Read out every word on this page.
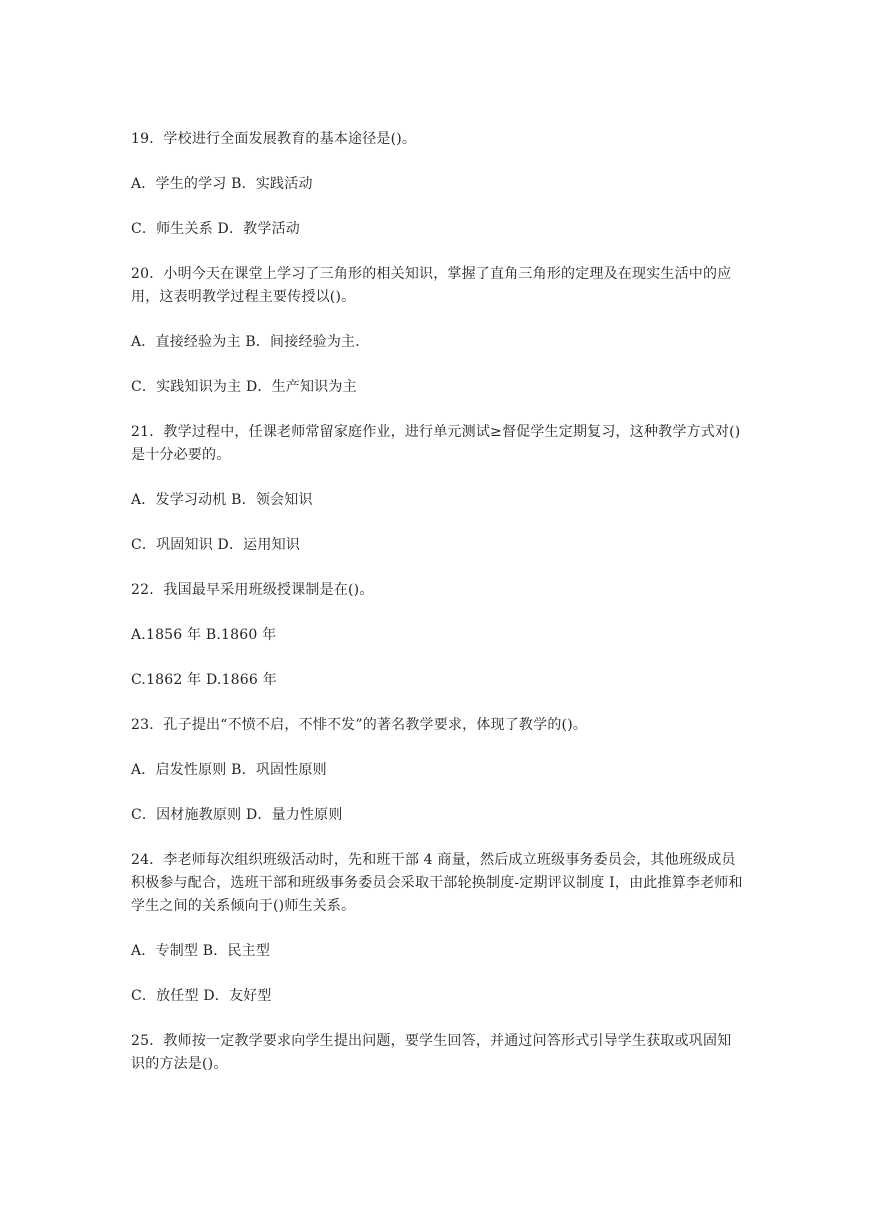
19．学校进行全面发展教育的基本途径是()。

A．学生的学习 B．实践活动

C．师生关系 D．教学活动

20．小明今天在课堂上学习了三角形的相关知识，掌握了直角三角形的定理及在现实生活中的应用，这表明教学过程主要传授以()。

A．直接经验为主 B．间接经验为主．

C．实践知识为主 D．生产知识为主

21．教学过程中，任课老师常留家庭作业，进行单元测试≥督促学生定期复习，这种教学方式对()是十分必要的。

A．发学习动机 B．领会知识

C．巩固知识 D．运用知识

22．我国最早采用班级授课制是在()。

A.1856 年 B.1860 年

C.1862 年 D.1866 年

23．孔子提出“不愤不启，不悱不发”的著名教学要求，体现了教学的()。

A．启发性原则 B．巩固性原则

C．因材施教原则 D．量力性原则

24．李老师每次组织班级活动时，先和班干部 4 商量，然后成立班级事务委员会，其他班级成员积极参与配合，选班干部和班级事务委员会采取干部轮换制度-定期评议制度 I，由此推算李老师和学生之间的关系倾向于()师生关系。

A．专制型 B．民主型

C．放任型 D．友好型

25．教师按一定教学要求向学生提出问题，要学生回答，并通过问答形式引导学生获取或巩固知识的方法是()。
